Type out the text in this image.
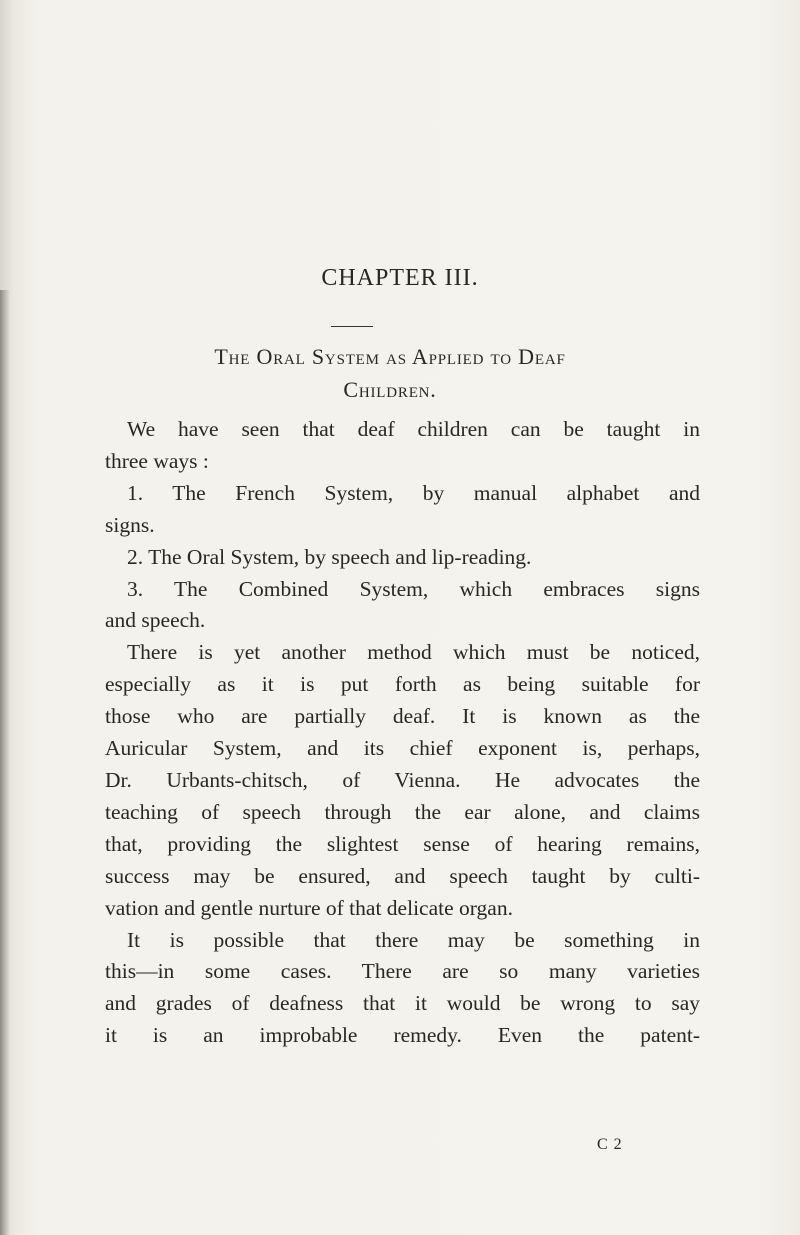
CHAPTER III.
The Oral System as Applied to Deaf
Children.
We have seen that deaf children can be taught in
three ways :
1. The French System, by manual alphabet and
signs.
2. The Oral System, by speech and lip-reading.
3. The Combined System, which embraces signs
and speech.
There is yet another method which must be noticed,
especially as it is put forth as being suitable for
those who are partially deaf. It is known as the
Auricular System, and its chief exponent is, perhaps,
Dr. Urbants-chitsch, of Vienna. He advocates the
teaching of speech through the ear alone, and claims
that, providing the slightest sense of hearing remains,
success may be ensured, and speech taught by culti-
vation and gentle nurture of that delicate organ.
It is possible that there may be something in
this—in some cases. There are so many varieties
and grades of deafness that it would be wrong to say
it is an improbable remedy. Even the patent-
C 2
